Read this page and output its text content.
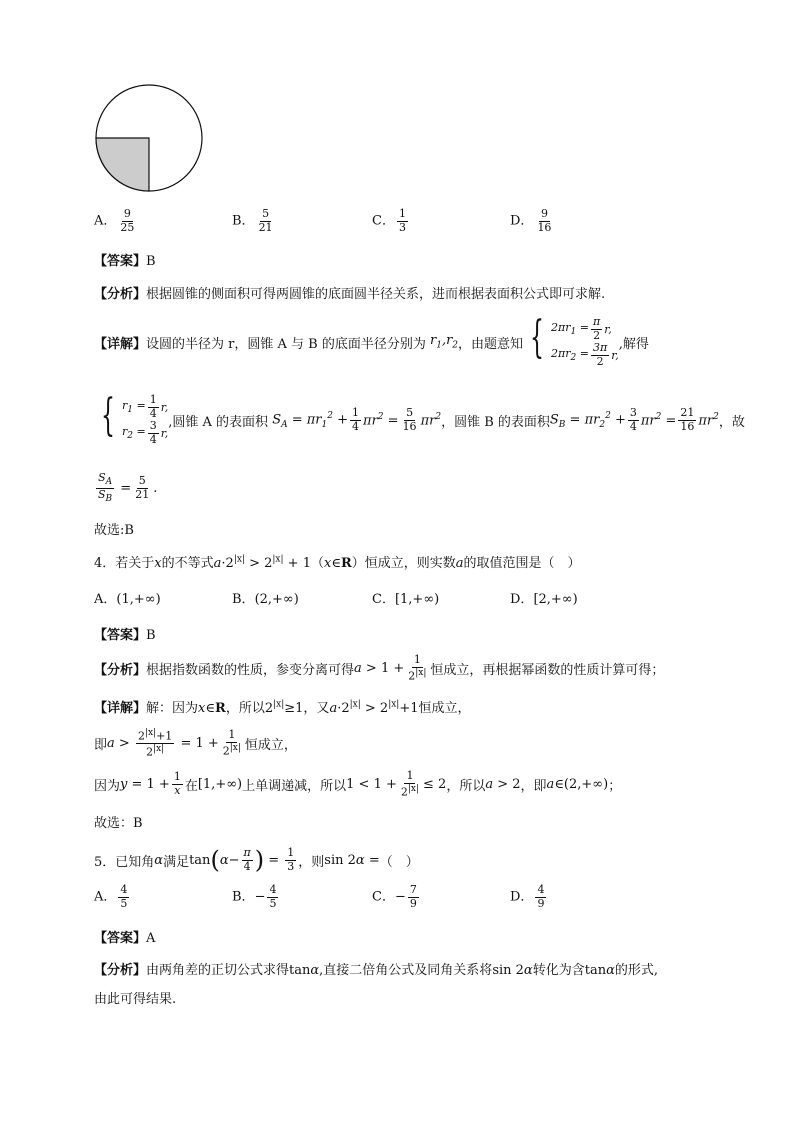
A． $\frac{9}{25}$	B． $\frac{5}{21}$	C． $\frac{1}{3}$	D． $\frac{9}{16}$
【答案】B
【分析】根据圆锥的侧面积可得两圆锥的底面圆半径关系，进而根据表面积公式即可求解.
【详解】 设圆的半径为 r，圆锥 A 与 B 的底面半径分别为 $r_1,r_2$ ，由题意知 { $2\pi r_1 = \frac{\pi}{2} r$,
$2\pi r_2 = \frac{3\pi}{2} r$,
,解得
{ $r_1 = \frac{1}{4} r$,
$r_2 = \frac{3}{4} r$,
,圆锥 A 的表面积 $S_A = \pi r_1^2 + \frac{1}{4} \pi r^2 = \frac{5}{16} \pi r^2$ ，圆锥 B 的表面积 $S_B = \pi r_2^2 + \frac{3}{4} \pi r^2 = \frac{21}{16} \pi r^2$ ，故
$\frac{S_A}{S_B} = \frac{5}{21}$ .
故选:B
4．若关于x的不等式$a\cdot 2^{|x|} > 2^{|x|}$ + 1（x∈R）恒成立，则实数a的取值范围是（　）
A．(1,+∞)	B．(2,+∞)	C．[1,+∞)	D．[2,+∞)
【答案】B
【分析】 根据指数函数的性质，参变分离可得 $a > 1 + \frac{1}{2^{|x|}}$ 恒成立，再根据幂函数的性质计算可得；
【详解】解：因为x∈R，所以$2^{|x|}\ge 1$，又$a\cdot 2^{|x|} > 2^{|x|}+1$恒成立，
即 $a > \frac{2^{|x|}+1}{2^{|x|}} = 1 + \frac{1}{2^{|x|}}$ 恒成立，
因为 $y = 1 + \frac{1}{x}$ 在 [1,+∞) 上单调递减，所以 $1 < 1 + \frac{1}{2^{|x|}} \le 2$ ，所以 a > 2 ，即 a ∈(2,+∞) ；
故选：B
5．已知角 α 满足 tan ( $\alpha - \frac{\pi}{4}$ ) = $\frac{1}{3}$ ，则 sin 2 α = （　）
A． $\frac{4}{5}$	B．− $\frac{4}{5}$	C．− $\frac{7}{9}$	D． $\frac{4}{9}$
【答案】A
【分析】由两角差的正切公式求得tanα,直接二倍角公式及同角关系将sin 2α转化为含tanα的形式,
由此可得结果.
